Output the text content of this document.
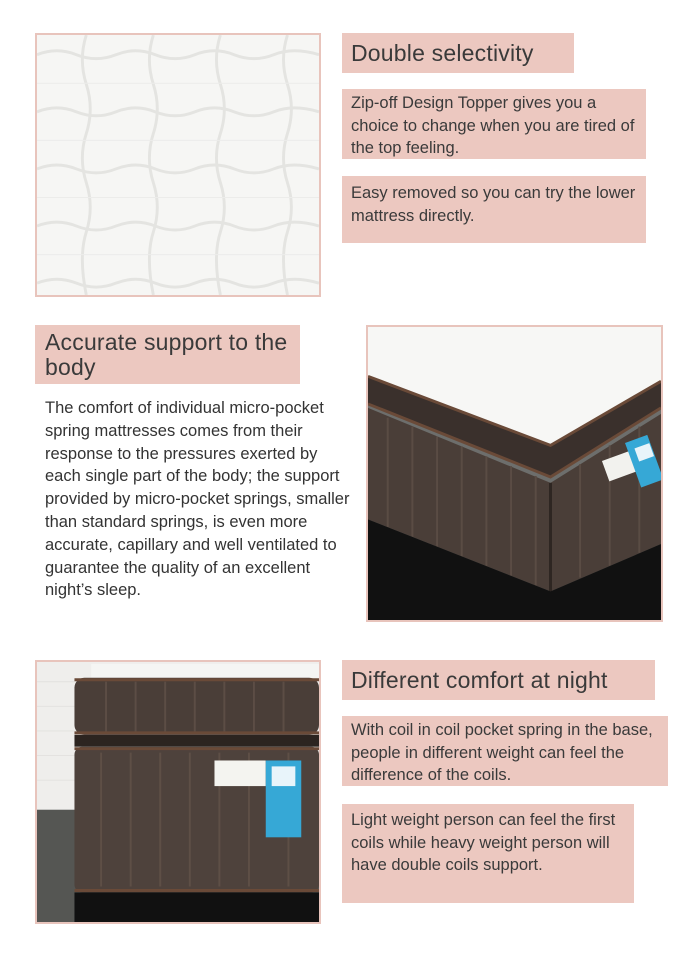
Double selectivity
Zip-off Design Topper gives you a choice to change when you are tired of the top feeling.
Easy removed so you can try the lower mattress directly.
Accurate support to the body
The comfort of individual micro-pocket spring mattresses comes from their response to the pressures exerted by each single part of the body; the support provided by micro-pocket springs, smaller than standard springs, is even more accurate, capillary and well ventilated to guarantee the quality of an excellent night’s sleep.
Different comfort at night
With coil in coil pocket spring in the base, people in different weight can feel the difference of the coils.
Light weight person can feel the first coils while heavy weight person will have double coils support.
